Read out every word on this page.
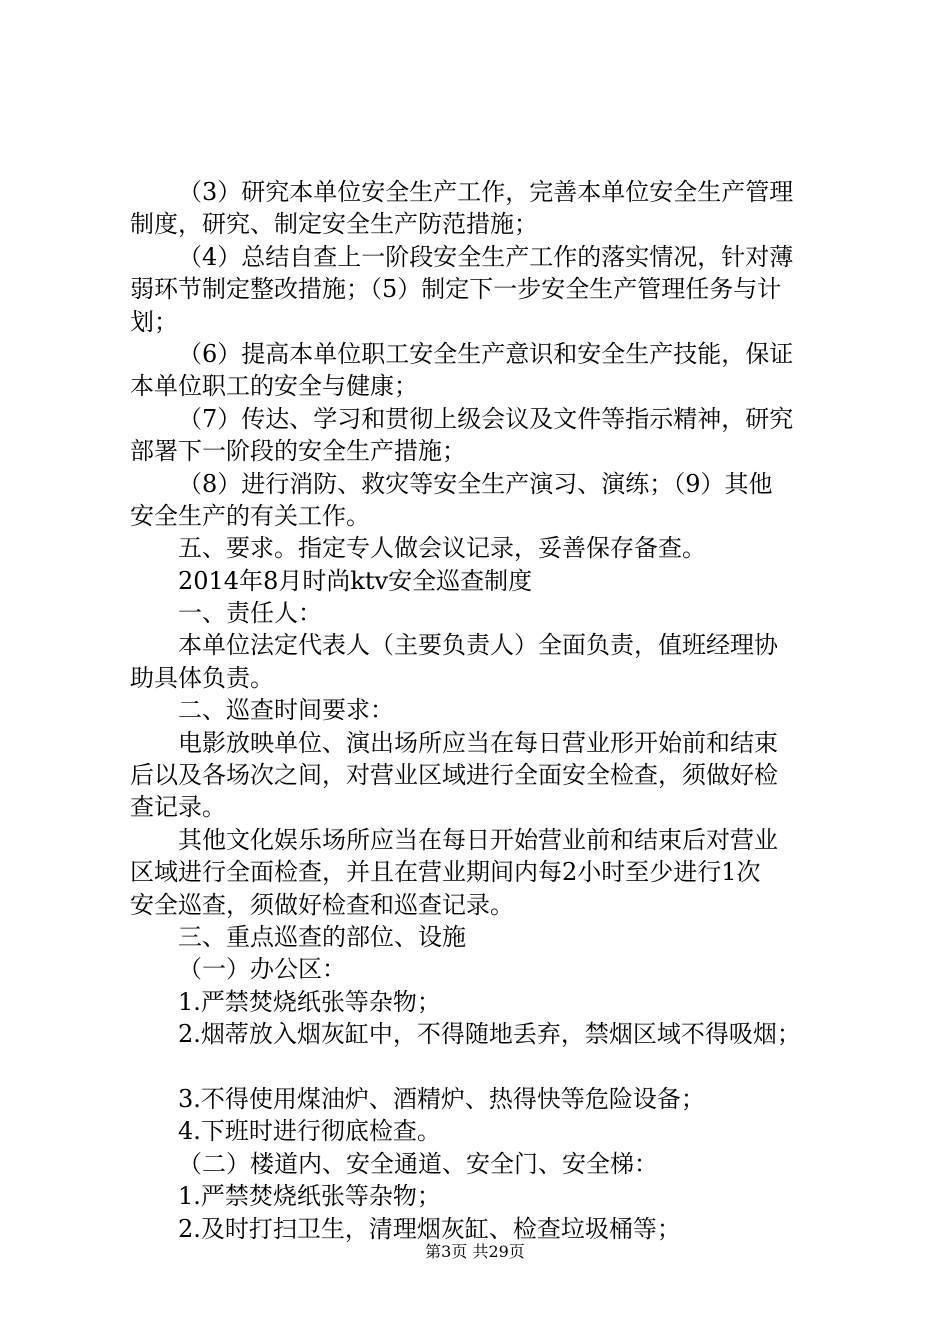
（3）研究本单位安全生产工作，完善本单位安全生产管理
制度，研究、制定安全生产防范措施；
（4）总结自查上一阶段安全生产工作的落实情况，针对薄
弱环节制定整改措施；（5）制定下一步安全生产管理任务与计
划；
（6）提高本单位职工安全生产意识和安全生产技能，保证
本单位职工的安全与健康；
（7）传达、学习和贯彻上级会议及文件等指示精神，研究
部署下一阶段的安全生产措施；
（8）进行消防、救灾等安全生产演习、演练；（9）其他
安全生产的有关工作。
五、要求。指定专人做会议记录，妥善保存备查。
2014年8月时尚ktv安全巡查制度
一、责任人：
本单位法定代表人（主要负责人）全面负责，值班经理协
助具体负责。
二、巡查时间要求：
电影放映单位、演出场所应当在每日营业形开始前和结束
后以及各场次之间，对营业区域进行全面安全检查，须做好检
查记录。
其他文化娱乐场所应当在每日开始营业前和结束后对营业
区域进行全面检查，并且在营业期间内每2小时至少进行1次
安全巡查，须做好检查和巡查记录。
三、重点巡查的部位、设施
（一）办公区：
1.严禁焚烧纸张等杂物；
2.烟蒂放入烟灰缸中，不得随地丢弃，禁烟区域不得吸烟；
3.不得使用煤油炉、酒精炉、热得快等危险设备；
4.下班时进行彻底检查。
（二）楼道内、安全通道、安全门、安全梯：
1.严禁焚烧纸张等杂物；
2.及时打扫卫生，清理烟灰缸、检查垃圾桶等；
第3页 共29页
